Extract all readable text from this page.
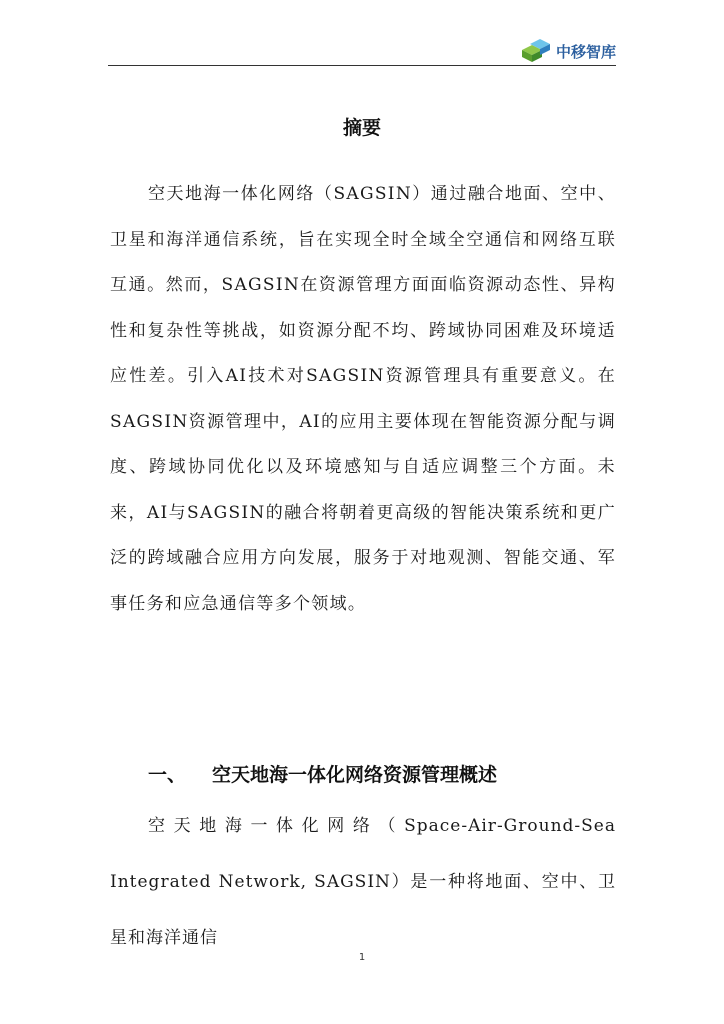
中移智库
摘要

空天地海一体化网络（SAGSIN）通过融合地面、空中、卫星和海洋通信系统，旨在实现全时全域全空通信和网络互联互通。然而，SAGSIN在资源管理方面面临资源动态性、异构性和复杂性等挑战，如资源分配不均、跨域协同困难及环境适应性差。引入AI技术对SAGSIN资源管理具有重要意义。在SAGSIN资源管理中，AI的应用主要体现在智能资源分配与调度、跨域协同优化以及环境感知与自适应调整三个方面。未来，AI与SAGSIN的融合将朝着更高级的智能决策系统和更广泛的跨域融合应用方向发展，服务于对地观测、智能交通、军事任务和应急通信等多个领域。

一、	空天地海一体化网络资源管理概述

空天地海一体化网络（Space-Air-Ground-Sea Integrated Network, SAGSIN）是一种将地面、空中、卫星和海洋通信

1
